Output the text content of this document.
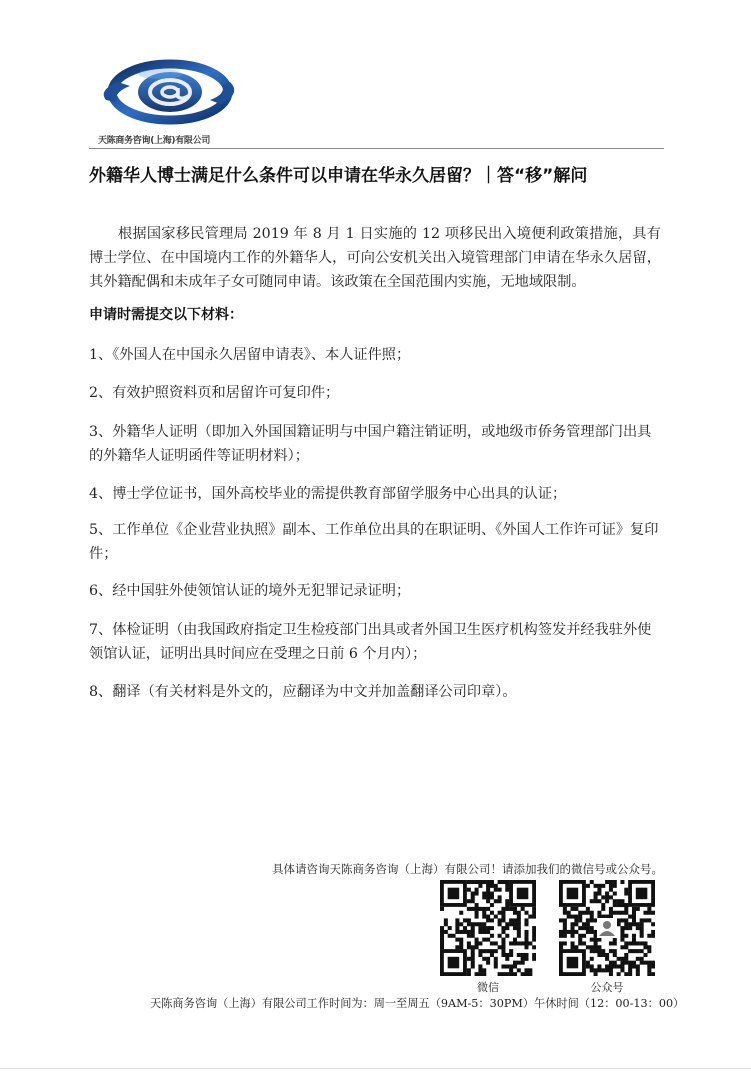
天陈商务咨询(上海)有限公司
外籍华人博士满足什么条件可以申请在华永久居留？｜答“移”解问

根据国家移民管理局 2019 年 8 月 1 日实施的 12 项移民出入境便利政策措施，具有博士学位、在中国境内工作的外籍华人，可向公安机关出入境管理部门申请在华永久居留，其外籍配偶和未成年子女可随同申请。该政策在全国范围内实施，无地域限制。

申请时需提交以下材料：

1、《外国人在中国永久居留申请表》、本人证件照；

2、有效护照资料页和居留许可复印件；

3、外籍华人证明（即加入外国国籍证明与中国户籍注销证明，或地级市侨务管理部门出具的外籍华人证明函件等证明材料）；

4、博士学位证书，国外高校毕业的需提供教育部留学服务中心出具的认证；

5、工作单位《企业营业执照》副本、工作单位出具的在职证明、《外国人工作许可证》复印件；

6、经中国驻外使领馆认证的境外无犯罪记录证明；

7、体检证明（由我国政府指定卫生检疫部门出具或者外国卫生医疗机构签发并经我驻外使领馆认证，证明出具时间应在受理之日前 6 个月内）；

8、翻译（有关材料是外文的，应翻译为中文并加盖翻译公司印章）。

具体请咨询天陈商务咨询（上海）有限公司！请添加我们的微信号或公众号。
微信	公众号
天陈商务咨询（上海）有限公司工作时间为：周一至周五（9AM-5：30PM）午休时间（12：00-13：00）
